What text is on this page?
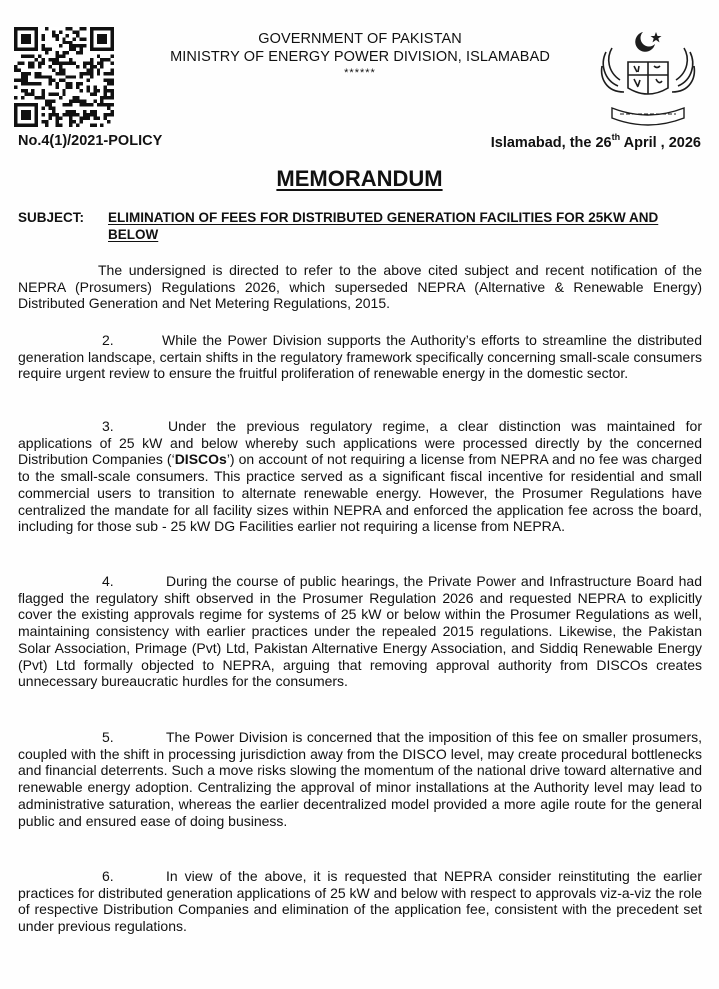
GOVERNMENT OF PAKISTAN
MINISTRY OF ENERGY POWER DIVISION, ISLAMABAD
******
No.4(1)/2021-POLICY	Islamabad, the 26th April , 2026
MEMORANDUM
SUBJECT: ELIMINATION OF FEES FOR DISTRIBUTED GENERATION FACILITIES FOR 25KW AND BELOW
The undersigned is directed to refer to the above cited subject and recent notification of the NEPRA (Prosumers) Regulations 2026, which superseded NEPRA (Alternative & Renewable Energy) Distributed Generation and Net Metering Regulations, 2015.
2.	While the Power Division supports the Authority’s efforts to streamline the distributed generation landscape, certain shifts in the regulatory framework specifically concerning small-scale consumers require urgent review to ensure the fruitful proliferation of renewable energy in the domestic sector.
3.	Under the previous regulatory regime, a clear distinction was maintained for applications of 25 kW and below whereby such applications were processed directly by the concerned Distribution Companies (‘DISCOs’) on account of not requiring a license from NEPRA and no fee was charged to the small-scale consumers. This practice served as a significant fiscal incentive for residential and small commercial users to transition to alternate renewable energy. However, the Prosumer Regulations have centralized the mandate for all facility sizes within NEPRA and enforced the application fee across the board, including for those sub - 25 kW DG Facilities earlier not requiring a license from NEPRA.
4.	During the course of public hearings, the Private Power and Infrastructure Board had flagged the regulatory shift observed in the Prosumer Regulation 2026 and requested NEPRA to explicitly cover the existing approvals regime for systems of 25 kW or below within the Prosumer Regulations as well, maintaining consistency with earlier practices under the repealed 2015 regulations. Likewise, the Pakistan Solar Association, Primage (Pvt) Ltd, Pakistan Alternative Energy Association, and Siddiq Renewable Energy (Pvt) Ltd formally objected to NEPRA, arguing that removing approval authority from DISCOs creates unnecessary bureaucratic hurdles for the consumers.
5.	The Power Division is concerned that the imposition of this fee on smaller prosumers, coupled with the shift in processing jurisdiction away from the DISCO level, may create procedural bottlenecks and financial deterrents. Such a move risks slowing the momentum of the national drive toward alternative and renewable energy adoption. Centralizing the approval of minor installations at the Authority level may lead to administrative saturation, whereas the earlier decentralized model provided a more agile route for the general public and ensured ease of doing business.
6.	In view of the above, it is requested that NEPRA consider reinstituting the earlier practices for distributed generation applications of 25 kW and below with respect to approvals viz-a-viz the role of respective Distribution Companies and elimination of the application fee, consistent with the precedent set under previous regulations.
